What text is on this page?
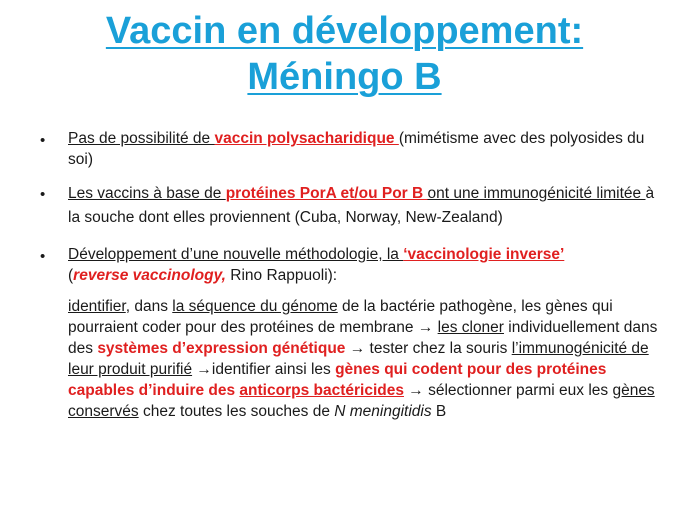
Vaccin en développement:
Méningo B
• Pas de possibilité de vaccin polysacharidique (mimétisme avec des polyosides du soi)
• Les vaccins à base de protéines PorA et/ou Por B ont une immunogénicité limitée à la souche dont elles proviennent (Cuba, Norway, New-Zealand)
• Développement d’une nouvelle méthodologie, la ‘vaccinologie inverse’
(reverse vaccinology, Rino Rappuoli):
identifier, dans la séquence du génome de la bactérie pathogène, les gènes qui pourraient coder pour des protéines de membrane → les cloner individuellement dans des systèmes d’expression génétique → tester chez la souris l’immunogénicité de leur produit purifié →identifier ainsi les gènes qui codent pour des protéines capables d’induire des anticorps bactéricides → sélectionner parmi eux les gènes conservés chez toutes les souches de N meningitidis B
